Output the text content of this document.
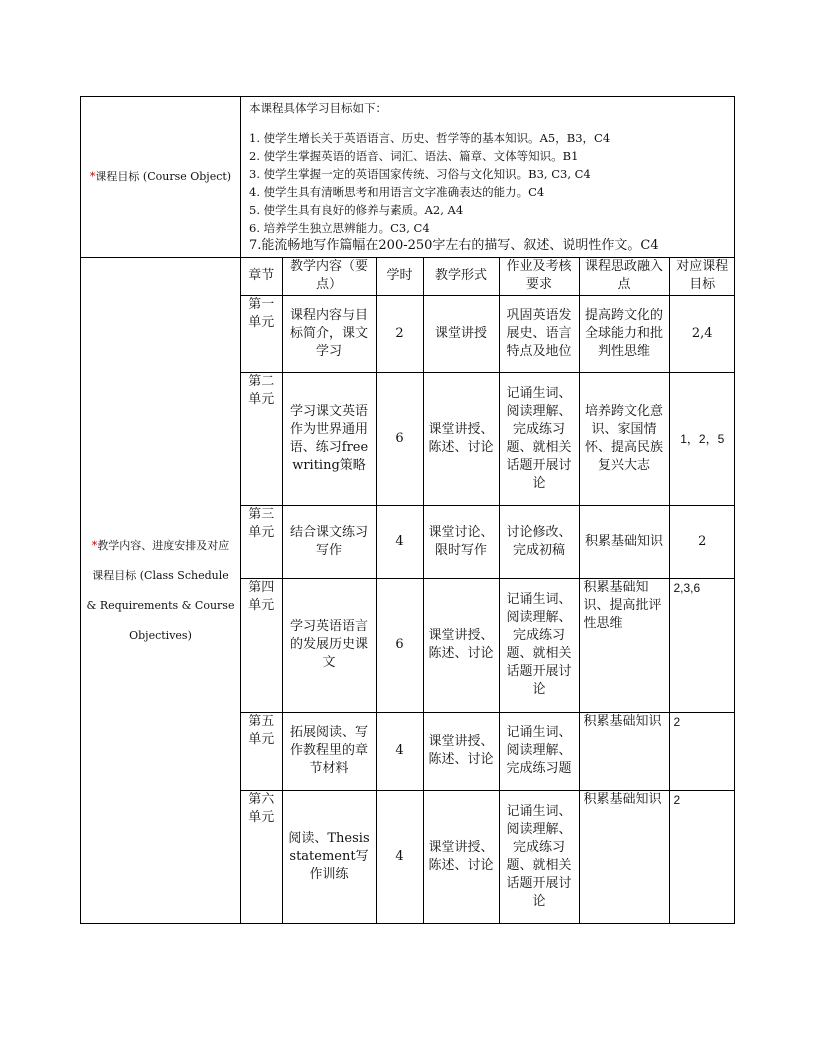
*课程目标 (Course Object)	
本课程具体学习目标如下：
1. 使学生增长关于英语语言、历史、哲学等的基本知识。A5，B3，C4
2. 使学生掌握英语的语音、词汇、语法、篇章、文体等知识。B1
3. 使学生掌握一定的英语国家传统、习俗与文化知识。B3, C3, C4
4. 使学生具有清晰思考和用语言文字准确表达的能力。C4
5. 使学生具有良好的修养与素质。A2, A4
6. 培养学生独立思辨能力。C3, C4
7.能流畅地写作篇幅在200-250字左右的描写、叙述、说明性作文。C4

*教学内容、进度安排及对应
课程目标 (Class Schedule
& Requirements & Course
Objectives)

章节	教学内容（要点）	学时	教学形式	作业及考核要求	课程思政融入点	对应课程目标
第一单元	课程内容与目标简介，课文学习	2	课堂讲授	巩固英语发展史、语言特点及地位	提高跨文化的全球能力和批判性思维	2,4
第二单元	学习课文英语作为世界通用语、练习free writing策略	6	课堂讲授、陈述、讨论	记诵生词、阅读理解、完成练习题、就相关话题开展讨论	培养跨文化意识、家国情怀、提高民族复兴大志	1，2，5
第三单元	结合课文练习写作	4	课堂讨论、限时写作	讨论修改、完成初稿	积累基础知识	2
第四单元	学习英语语言的发展历史课文	6	课堂讲授、陈述、讨论	记诵生词、阅读理解、完成练习题、就相关话题开展讨论	积累基础知识、提高批评性思维	2,3,6
第五单元	拓展阅读、写作教程里的章节材料	4	课堂讲授、陈述、讨论	记诵生词、阅读理解、完成练习题	积累基础知识	2
第六单元	阅读、Thesis statement写作训练	4	课堂讲授、陈述、讨论	记诵生词、阅读理解、完成练习题、就相关话题开展讨论	积累基础知识	2
